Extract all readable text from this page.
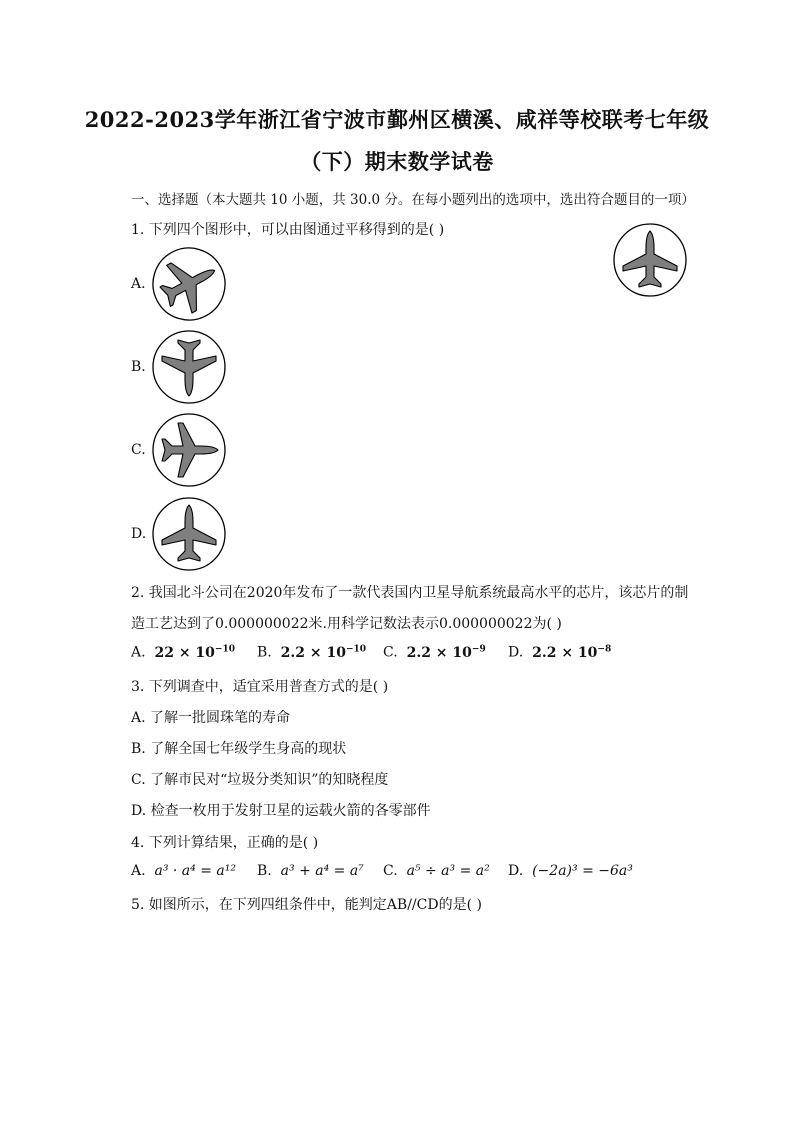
2022-2023学年浙江省宁波市鄞州区横溪、咸祥等校联考七年级
（下）期末数学试卷
一、选择题（本大题共 10 小题，共 30.0 分。在每小题列出的选项中，选出符合题目的一项）
1. 下列四个图形中，可以由图通过平移得到的是( )
A.
B.
C.
D.
2. 我国北斗公司在2020年发布了一款代表国内卫星导航系统最高水平的芯片，该芯片的制
造工艺达到了0.000000022米.用科学记数法表示0.000000022为( )
A. $22 \times 10^{-10}$ B. $2.2 \times 10^{-10}$ C. $2.2 \times 10^{-9}$ D. $2.2 \times 10^{-8}$
3. 下列调查中，适宜采用普查方式的是( )
A. 了解一批圆珠笔的寿命
B. 了解全国七年级学生身高的现状
C. 了解市民对“垃圾分类知识”的知晓程度
D. 检查一枚用于发射卫星的运载火箭的各零部件
4. 下列计算结果，正确的是( )
A. a³ · a⁴ = a¹² B. a³ + a⁴ = a⁷ C. a⁵ ÷ a³ = a² D. (−2a)³ = −6a³
5. 如图所示，在下列四组条件中，能判定AB//CD的是( )
